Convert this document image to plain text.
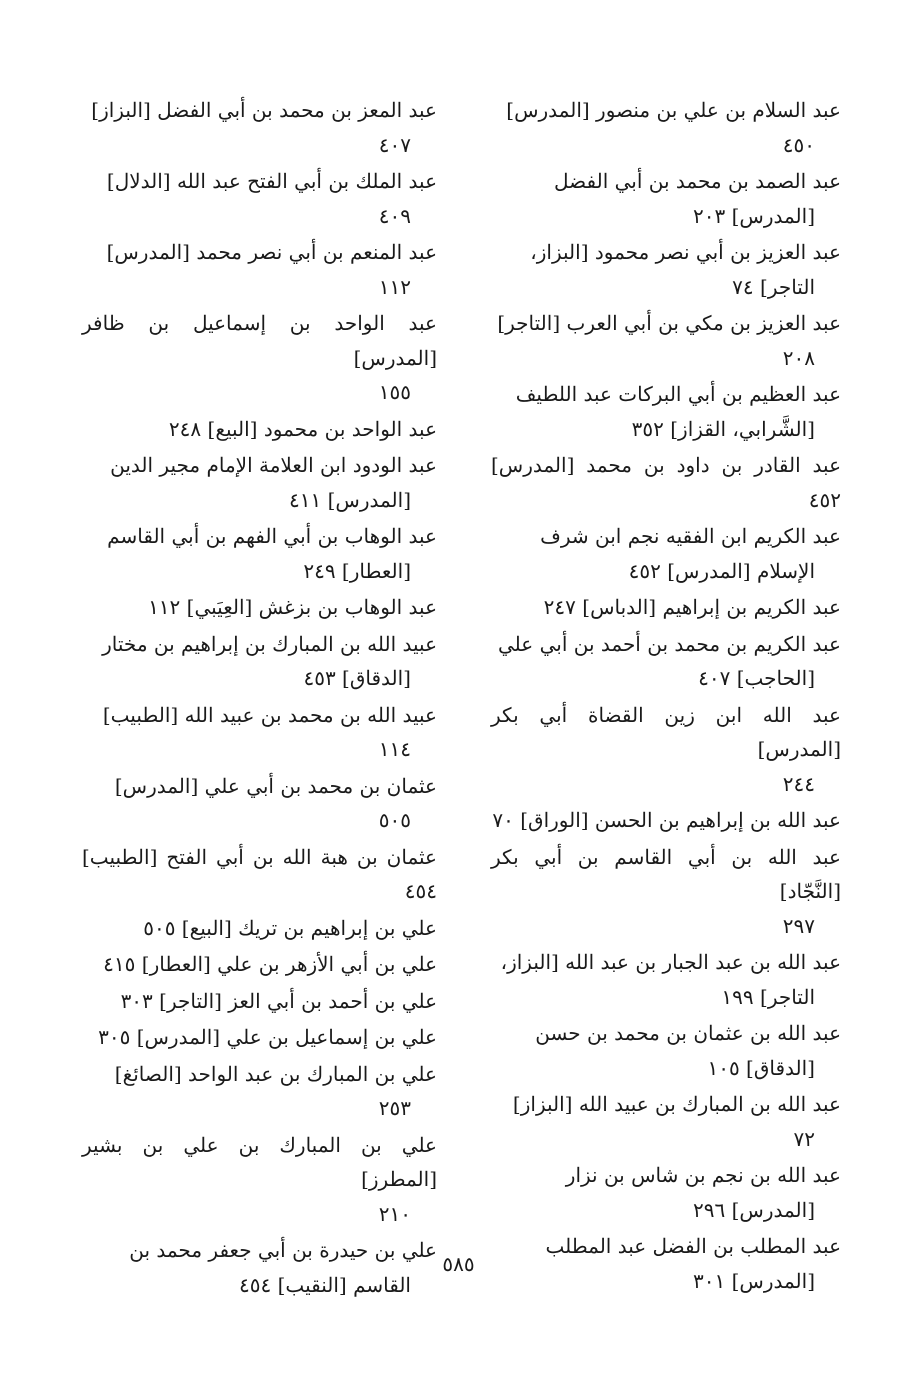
عبد السلام بن علي بن منصور [المدرس]
٤٥٠
عبد الصمد بن محمد بن أبي الفضل
[المدرس] ٢٠٣
عبد العزيز بن أبي نصر محمود [البزاز،
التاجر] ٧٤
عبد العزيز بن مكي بن أبي العرب [التاجر]
٢٠٨
عبد العظيم بن أبي البركات عبد اللطيف
[الشَّرابي، القزاز] ٣٥٢
عبد القادر بن داود بن محمد [المدرس] ٤٥٢
عبد الكريم ابن الفقيه نجم ابن شرف
الإسلام [المدرس] ٤٥٢
عبد الكريم بن إبراهيم [الدباس] ٢٤٧
عبد الكريم بن محمد بن أحمد بن أبي علي
[الحاجب] ٤٠٧
عبد الله ابن زين القضاة أبي بكر [المدرس]
٢٤٤
عبد الله بن إبراهيم بن الحسن [الوراق] ٧٠
عبد الله بن أبي القاسم بن أبي بكر [النَّجّاد]
٢٩٧
عبد الله بن عبد الجبار بن عبد الله [البزاز،
التاجر] ١٩٩
عبد الله بن عثمان بن محمد بن حسن
[الدقاق] ١٠٥
عبد الله بن المبارك بن عبيد الله [البزاز]
٧٢
عبد الله بن نجم بن شاس بن نزار
[المدرس] ٢٩٦
عبد المطلب بن الفضل عبد المطلب
[المدرس] ٣٠١
عبد المعز بن محمد بن أبي الفضل [البزاز]
٤٠٧
عبد الملك بن أبي الفتح عبد الله [الدلال]
٤٠٩
عبد المنعم بن أبي نصر محمد [المدرس]
١١٢
عبد الواحد بن إسماعيل بن ظافر [المدرس]
١٥٥
عبد الواحد بن محمود [البيع] ٢٤٨
عبد الودود ابن العلامة الإمام مجير الدين
[المدرس] ٤١١
عبد الوهاب بن أبي الفهم بن أبي القاسم
[العطار] ٢٤٩
عبد الوهاب بن بزغش [العِيَبي] ١١٢
عبيد الله بن المبارك بن إبراهيم بن مختار
[الدقاق] ٤٥٣
عبيد الله بن محمد بن عبيد الله [الطبيب]
١١٤
عثمان بن محمد بن أبي علي [المدرس]
٥٠٥
عثمان بن هبة الله بن أبي الفتح [الطبيب] ٤٥٤
علي بن إبراهيم بن تريك [البيع] ٥٠٥
علي بن أبي الأزهر بن علي [العطار] ٤١٥
علي بن أحمد بن أبي العز [التاجر] ٣٠٣
علي بن إسماعيل بن علي [المدرس] ٣٠٥
علي بن المبارك بن عبد الواحد [الصائغ]
٢٥٣
علي بن المبارك بن علي بن بشير [المطرز]
٢١٠
علي بن حيدرة بن أبي جعفر محمد بن
القاسم [النقيب] ٤٥٤
٥٨٥
